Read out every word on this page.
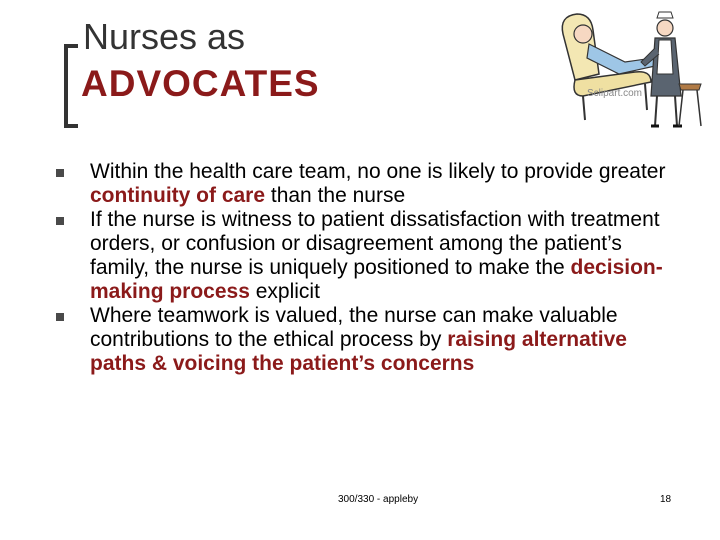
Nurses as
ADVOCATES	Sclipart.com
Within the health care team, no one is likely to provide greater continuity of care than the nurse
If the nurse is witness to patient dissatisfaction with treatment orders, or confusion or disagreement among the patient’s family, the nurse is uniquely positioned to make the decision-making process explicit
Where teamwork is valued, the nurse can make valuable contributions to the ethical process by raising alternative paths & voicing the patient’s concerns
300/330 - appleby	18
